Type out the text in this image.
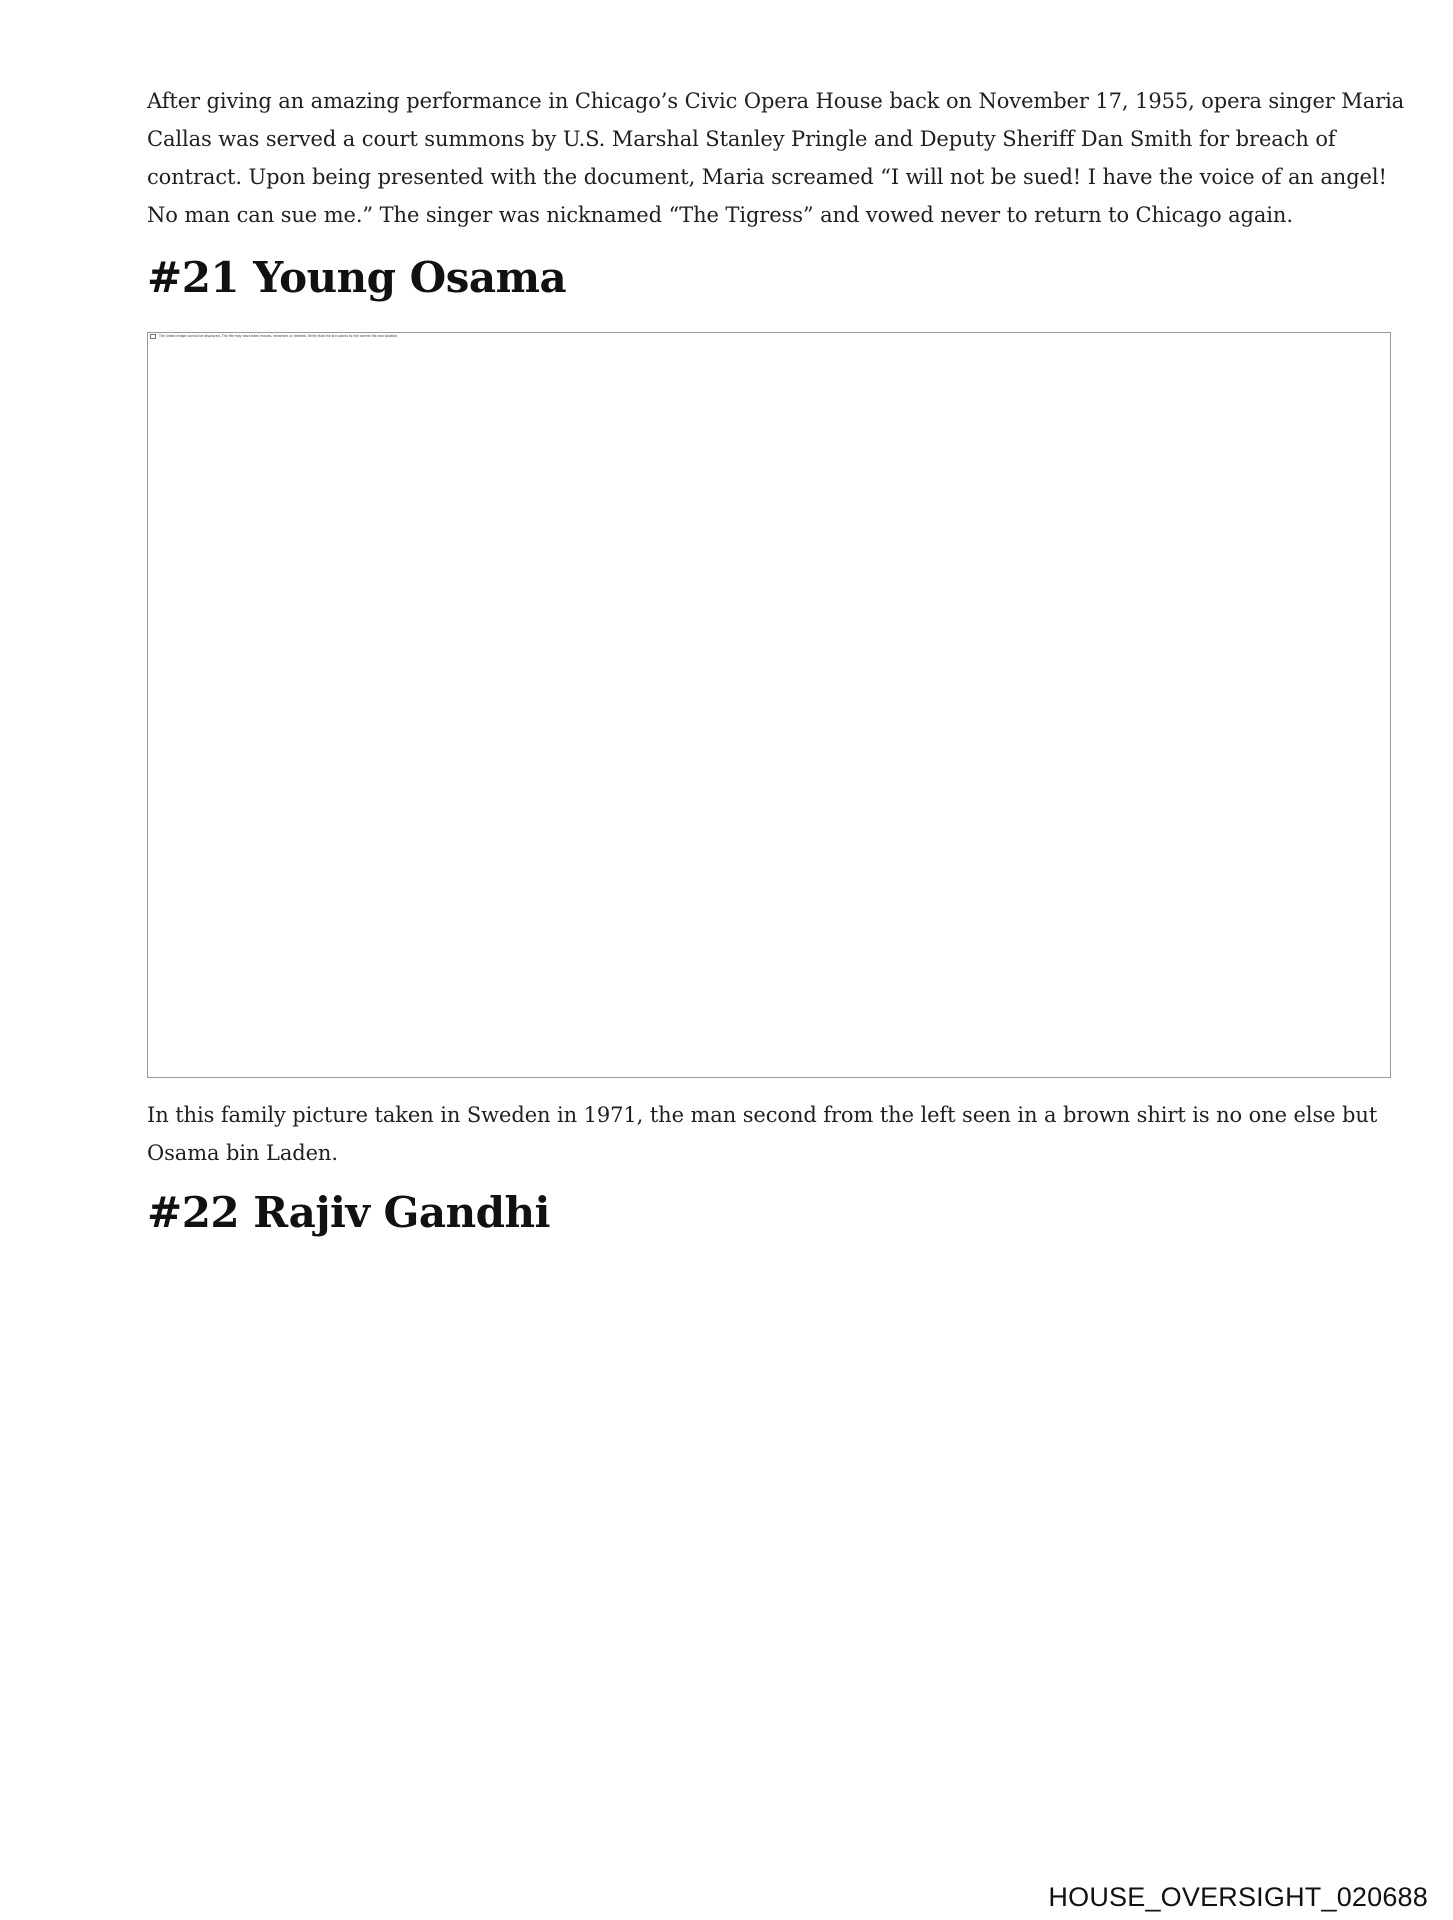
After giving an amazing performance in Chicago’s Civic Opera House back on November 17, 1955, opera singer Maria Callas was served a court summons by U.S. Marshal Stanley Pringle and Deputy Sheriff Dan Smith for breach of contract. Upon being presented with the document, Maria screamed “I will not be sued! I have the voice of an angel! No man can sue me.” The singer was nicknamed “The Tigress” and vowed never to return to Chicago again.

#21 Young Osama
The linked image cannot be displayed. The file may have been moved, renamed, or deleted. Verify that the link points to the correct file and location.

In this family picture taken in Sweden in 1971, the man second from the left seen in a brown shirt is no one else but Osama bin Laden.

#22 Rajiv Gandhi
HOUSE_OVERSIGHT_020688
